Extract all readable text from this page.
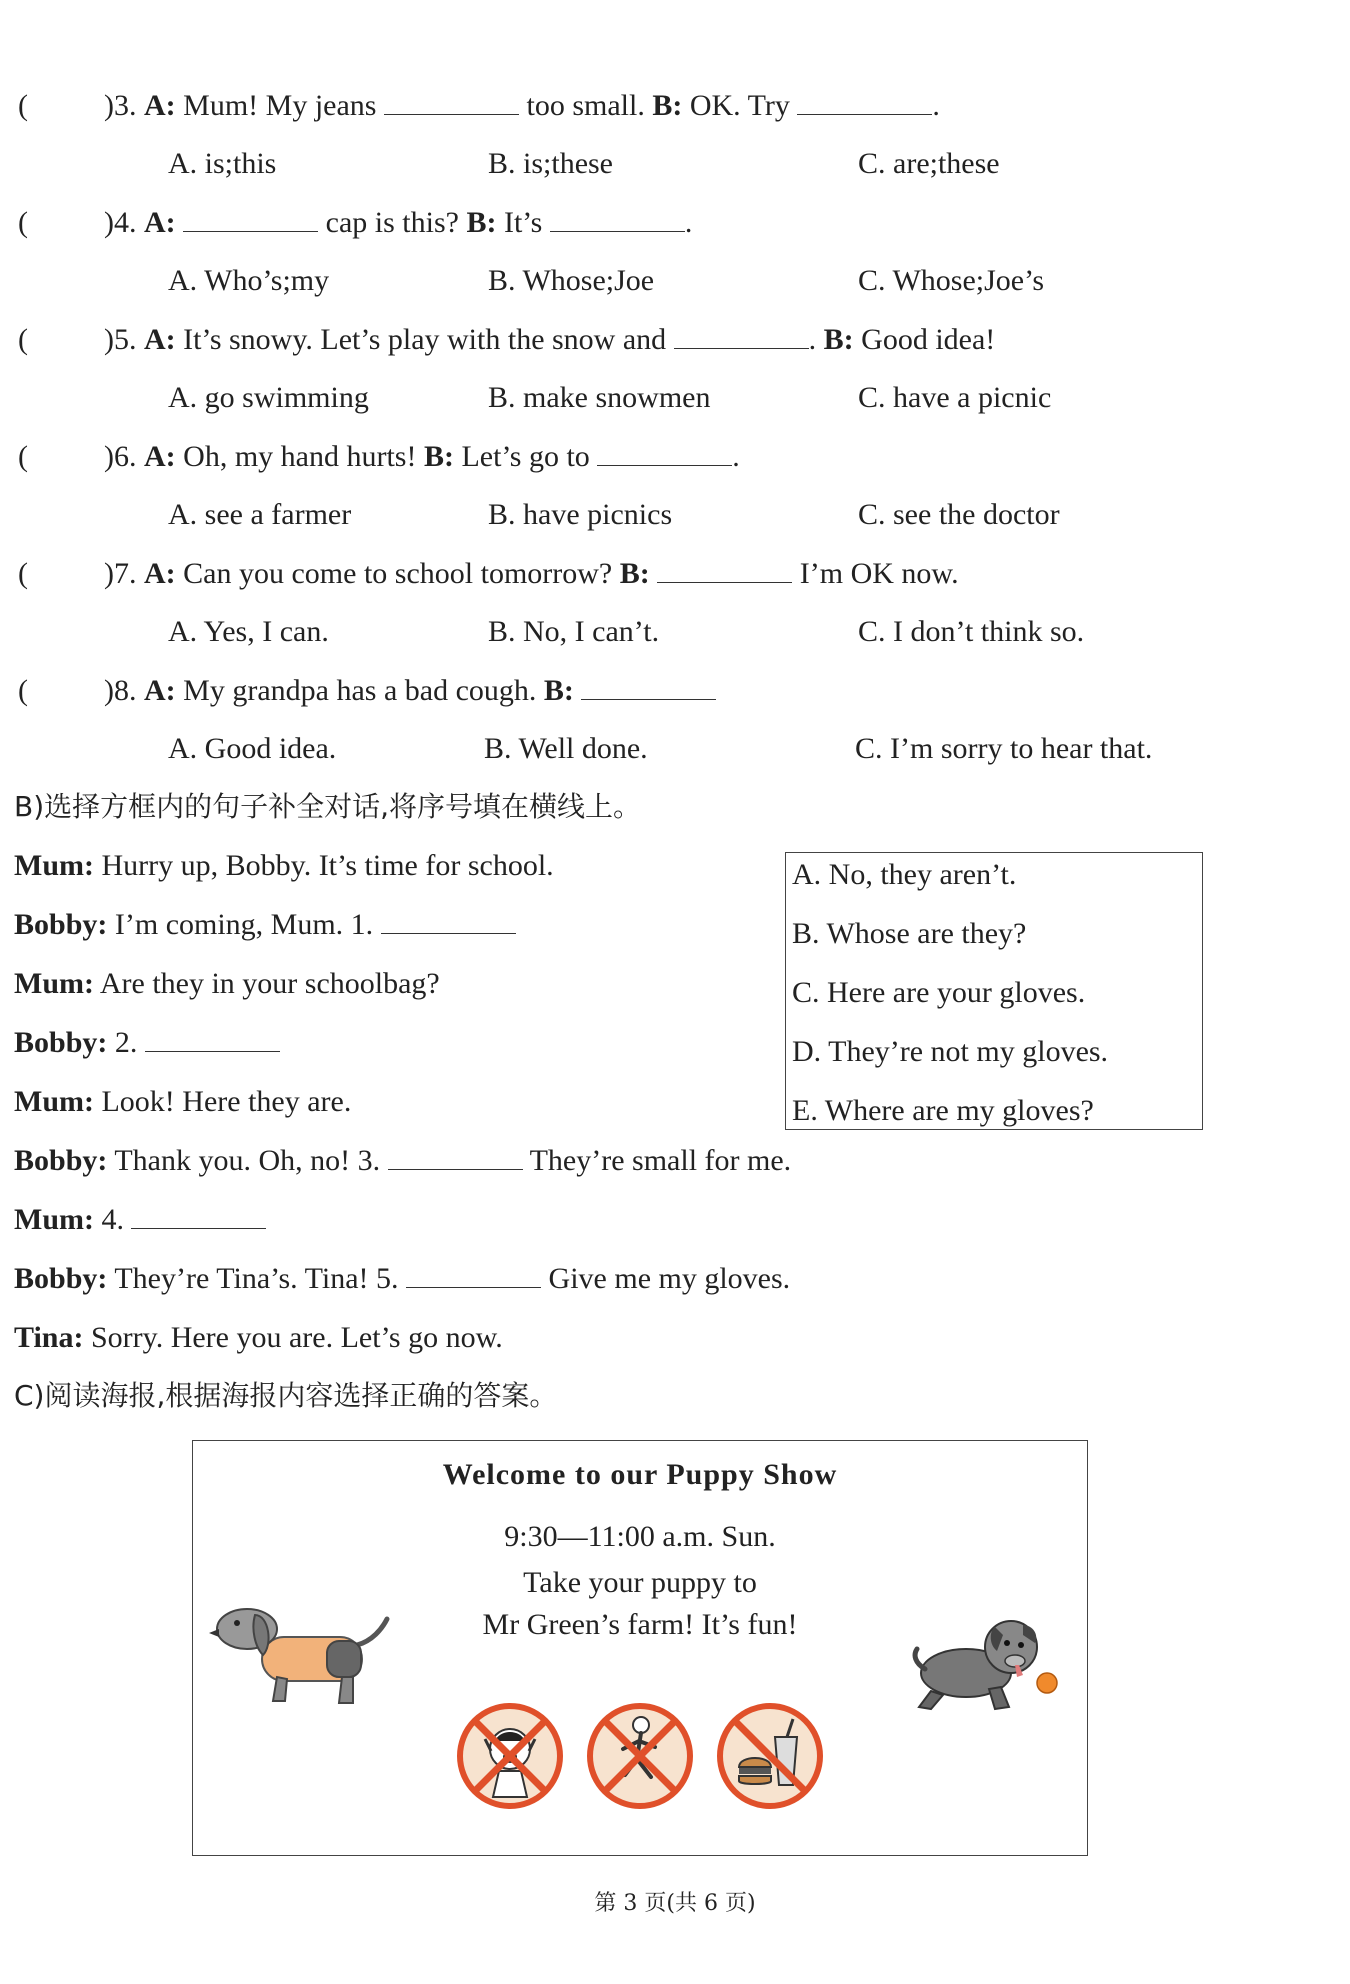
(	)3. A: Mum! My jeans	too small. B: OK. Try	.
A. is;this	B. is;these	C. are;these
(	)4. A:	cap is this? B: It’s	.
A. Who’s;my	B. Whose;Joe	C. Whose;Joe’s
(	)5. A: It’s snowy. Let’s play with the snow and	. B: Good idea!
A. go swimming	B. make snowmen	C. have a picnic
(	)6. A: Oh, my hand hurts! B: Let’s go to	.
A. see a farmer	B. have picnics	C. see the doctor
(	)7. A: Can you come to school tomorrow? B:	I’m OK now.
A. Yes, I can.	B. No, I can’t.	C. I don’t think so.
(	)8. A: My grandpa has a bad cough. B:
A. Good idea.	B. Well done.	C. I’m sorry to hear that.
B)选择方框内的句子补全对话,将序号填在横线上。
Mum: Hurry up, Bobby. It’s time for school.
Bobby: I’m coming, Mum. 1.
Mum: Are they in your schoolbag?
Bobby: 2.
Mum: Look! Here they are.
Bobby: Thank you. Oh, no! 3.	They’re small for me.
Mum: 4.
Bobby: They’re Tina’s. Tina! 5.	Give me my gloves.
Tina: Sorry. Here you are. Let’s go now.
A. No, they aren’t.
B. Whose are they?
C. Here are your gloves.
D. They’re not my gloves.
E. Where are my gloves?
C)阅读海报,根据海报内容选择正确的答案。
Welcome to our Puppy Show
9:30—11:00 a.m. Sun.
Take your puppy to
Mr Green’s farm! It’s fun!
第 3 页(共 6 页)
